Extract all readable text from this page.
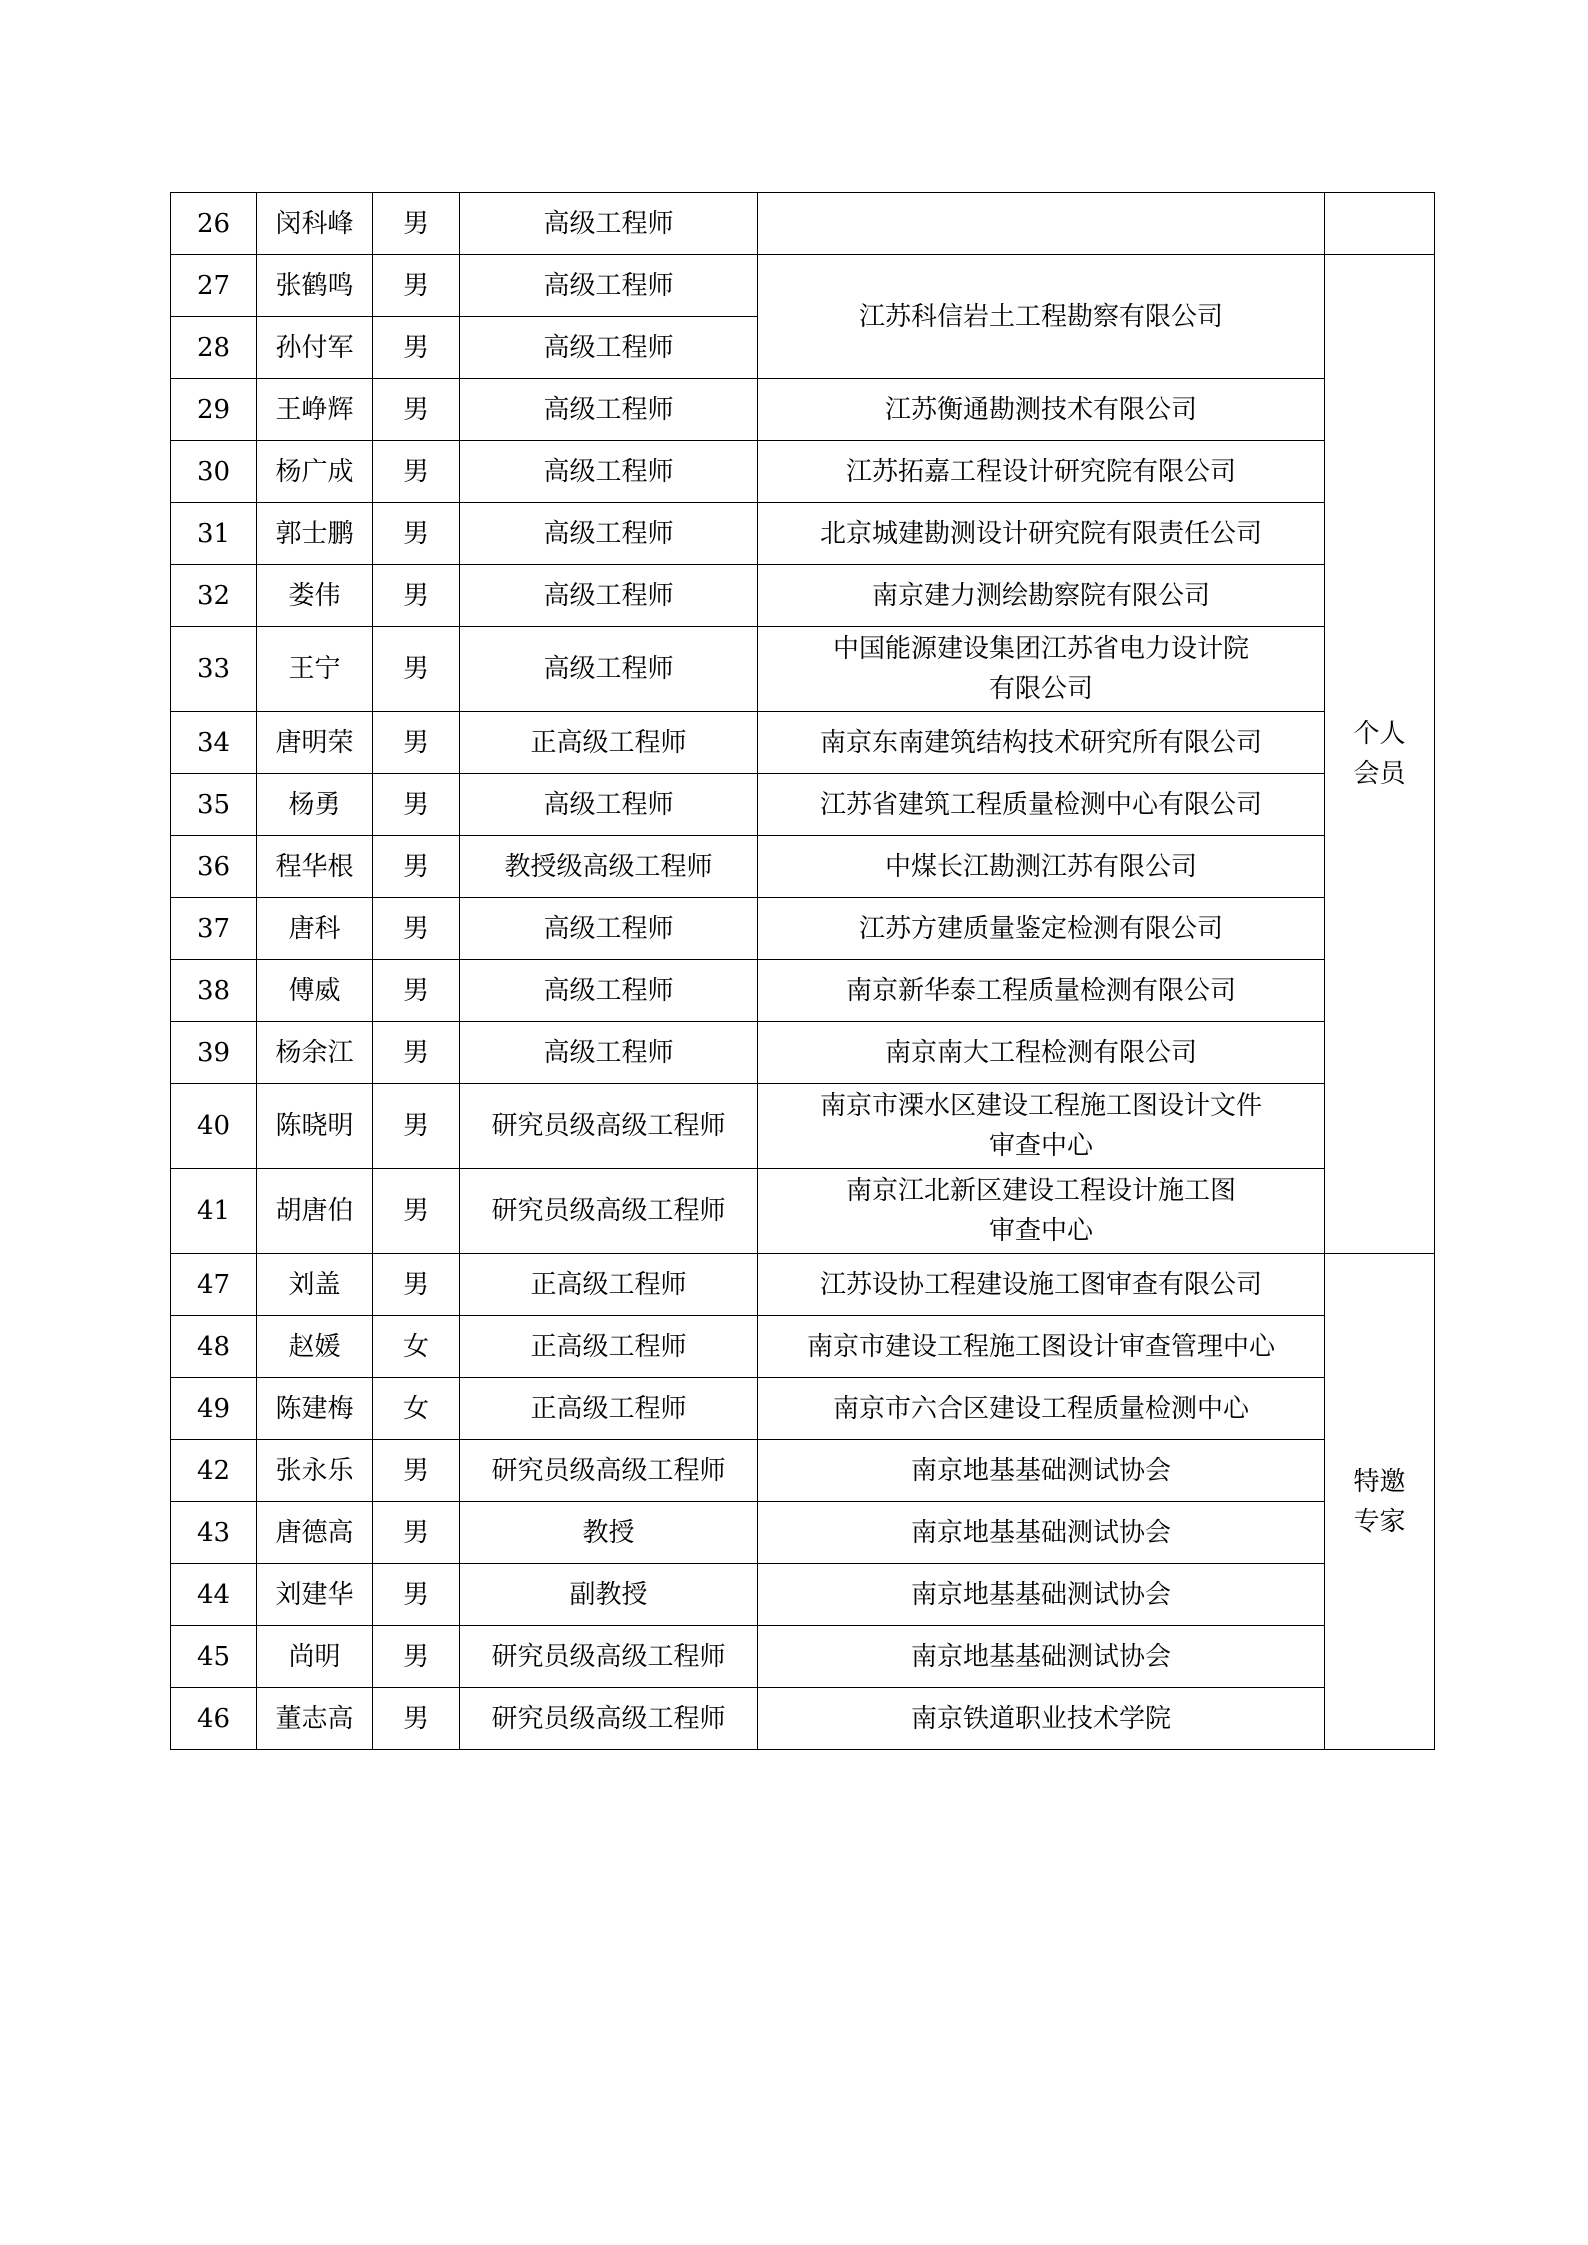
26	闵科峰	男	高级工程师		
27	张鹤鸣	男	高级工程师	江苏科信岩土工程勘察有限公司	个人
会员
28	孙付军	男	高级工程师		
29	王峥辉	男	高级工程师	江苏衡通勘测技术有限公司	
30	杨广成	男	高级工程师	江苏拓嘉工程设计研究院有限公司	
31	郭士鹏	男	高级工程师	北京城建勘测设计研究院有限责任公司	
32	娄伟	男	高级工程师	南京建力测绘勘察院有限公司	
33	王宁	男	高级工程师	中国能源建设集团江苏省电力设计院
有限公司	
34	唐明荣	男	正高级工程师	南京东南建筑结构技术研究所有限公司	
35	杨勇	男	高级工程师	江苏省建筑工程质量检测中心有限公司	
36	程华根	男	教授级高级工程师	中煤长江勘测江苏有限公司	
37	唐科	男	高级工程师	江苏方建质量鉴定检测有限公司	
38	傅威	男	高级工程师	南京新华泰工程质量检测有限公司	
39	杨余江	男	高级工程师	南京南大工程检测有限公司	
40	陈晓明	男	研究员级高级工程师	南京市溧水区建设工程施工图设计文件
审查中心	
41	胡唐伯	男	研究员级高级工程师	南京江北新区建设工程设计施工图
审查中心	
47	刘盖	男	正高级工程师	江苏设协工程建设施工图审查有限公司	特邀
专家
48	赵媛	女	正高级工程师	南京市建设工程施工图设计审查管理中心	
49	陈建梅	女	正高级工程师	南京市六合区建设工程质量检测中心	
42	张永乐	男	研究员级高级工程师	南京地基基础测试协会	
43	唐德高	男	教授	南京地基基础测试协会	
44	刘建华	男	副教授	南京地基基础测试协会	
45	尚明	男	研究员级高级工程师	南京地基基础测试协会	
46	董志高	男	研究员级高级工程师	南京铁道职业技术学院	
